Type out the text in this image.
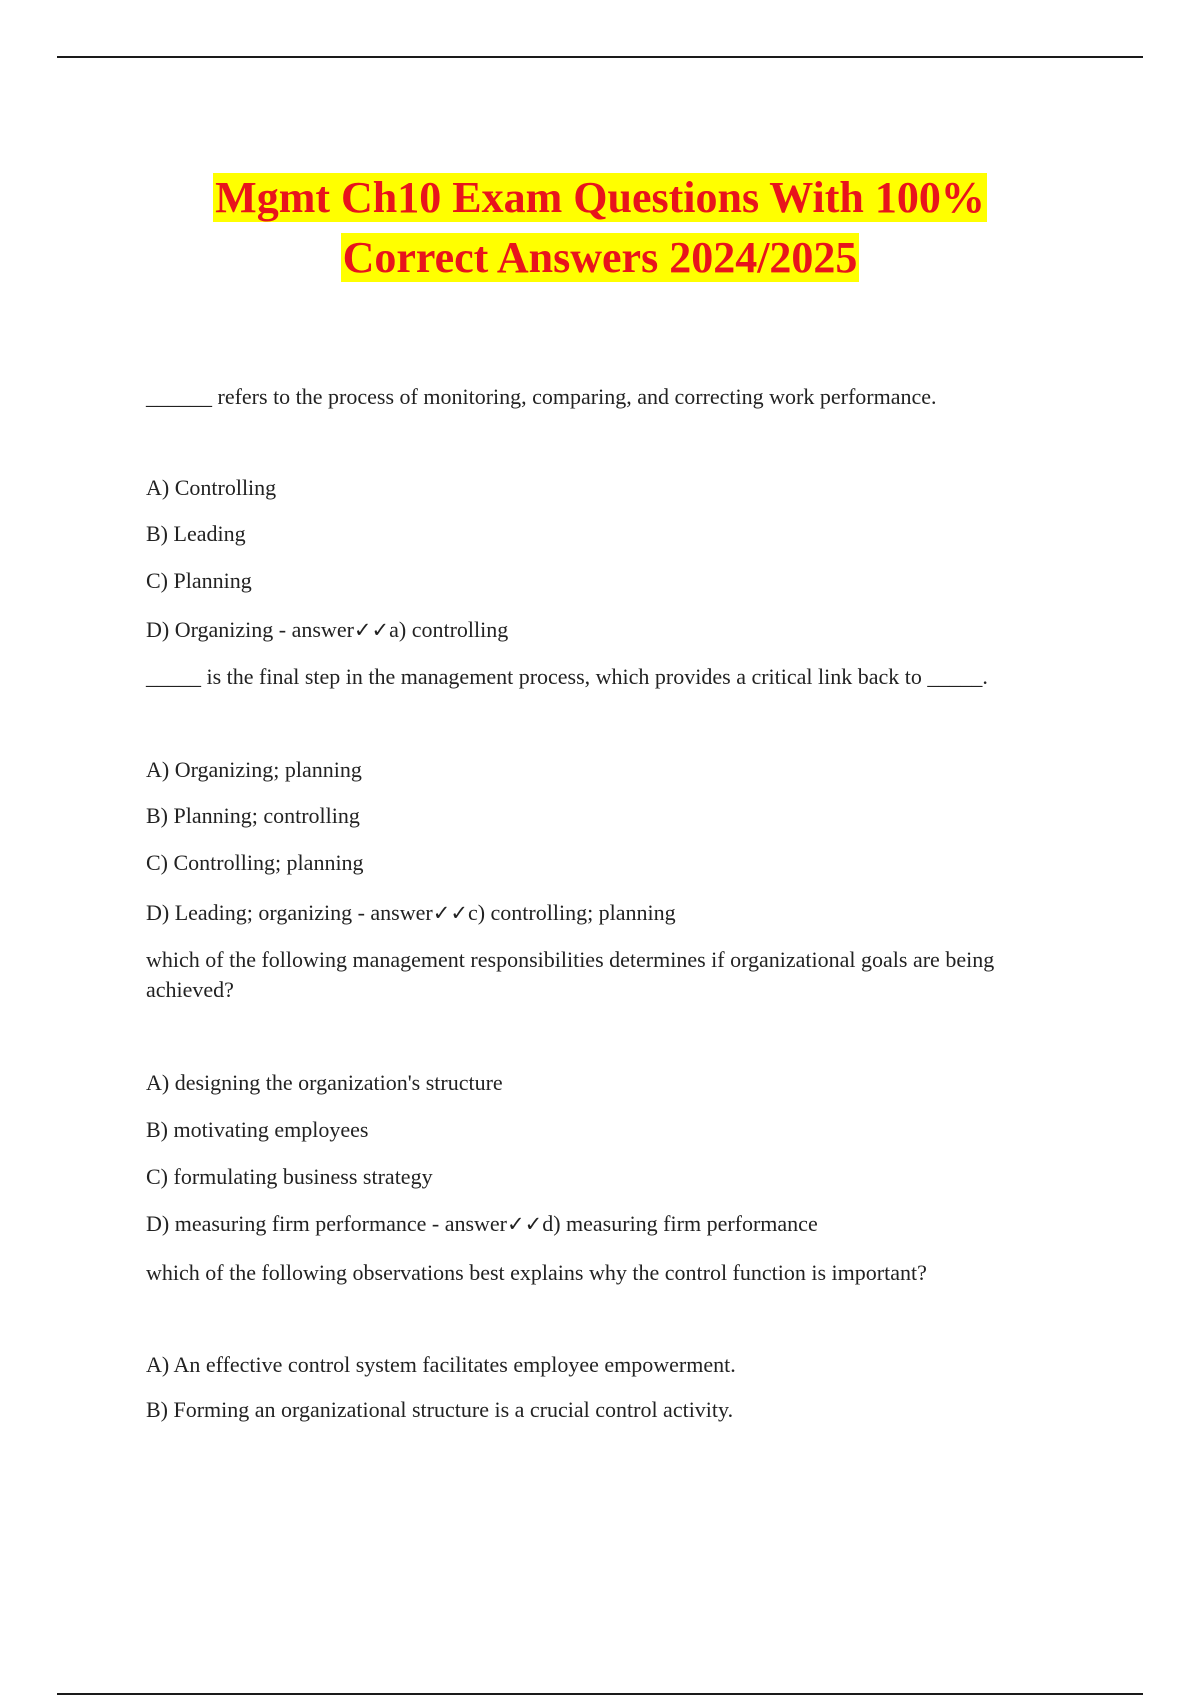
Mgmt Ch10 Exam Questions With 100%
Correct Answers 2024/2025
______ refers to the process of monitoring, comparing, and correcting work performance.
A) Controlling
B) Leading
C) Planning
D) Organizing - answer✓✓a) controlling
_____ is the final step in the management process, which provides a critical link back to _____.
A) Organizing; planning
B) Planning; controlling
C) Controlling; planning
D) Leading; organizing - answer✓✓c) controlling; planning
which of the following management responsibilities determines if organizational goals are being achieved?
A) designing the organization's structure
B) motivating employees
C) formulating business strategy
D) measuring firm performance - answer✓✓d) measuring firm performance
which of the following observations best explains why the control function is important?
A) An effective control system facilitates employee empowerment.
B) Forming an organizational structure is a crucial control activity.
